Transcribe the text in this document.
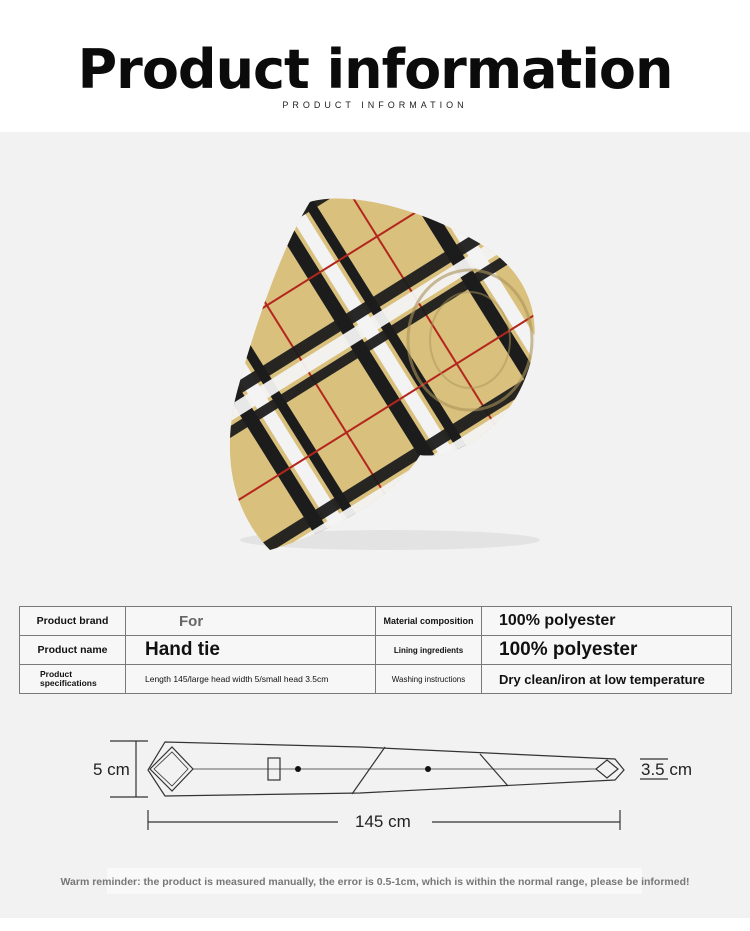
Product information
PRODUCT INFORMATION
Product brand	For	Material composition	100% polyester
Product name	Hand tie	Lining ingredients	100% polyester
Product specifications	Length 145/large head width 5/small head 3.5cm	Washing instructions	Dry clean/iron at low temperature
5 cm	3.5 cm
145 cm
Warm reminder: the product is measured manually, the error is 0.5-1cm, which is within the normal range, please be informed!
